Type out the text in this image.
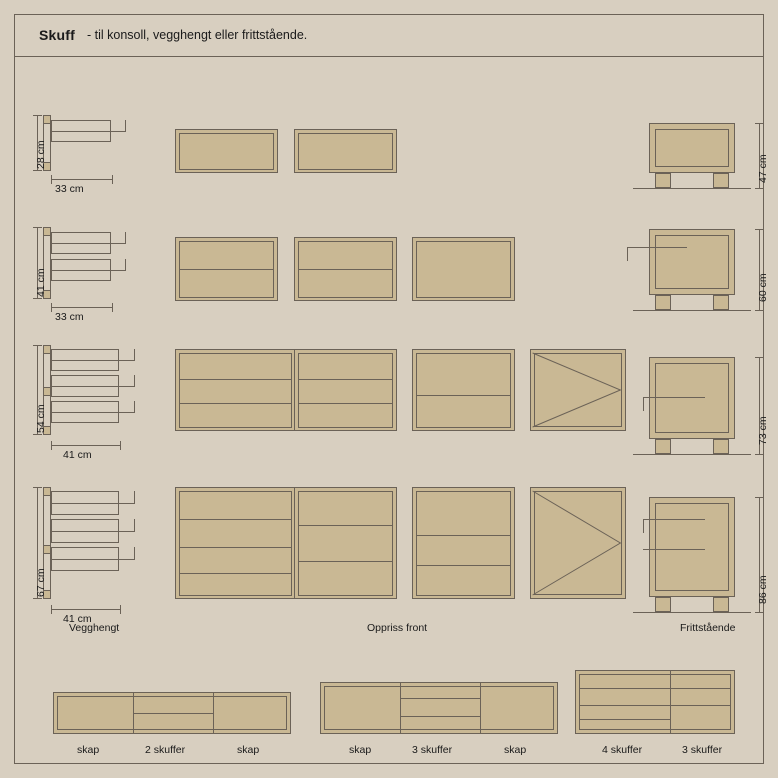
Skuff - til konsoll, vegghengt eller frittstående.
28 cm
33 cm
47 cm
41 cm
33 cm
60 cm
54 cm
41 cm
73 cm
67 cm
41 cm
86 cm
Vegghengt	Oppriss front	Frittstående
skap	2 skuffer	skap	skap	3 skuffer	skap	4 skuffer	3 skuffer
